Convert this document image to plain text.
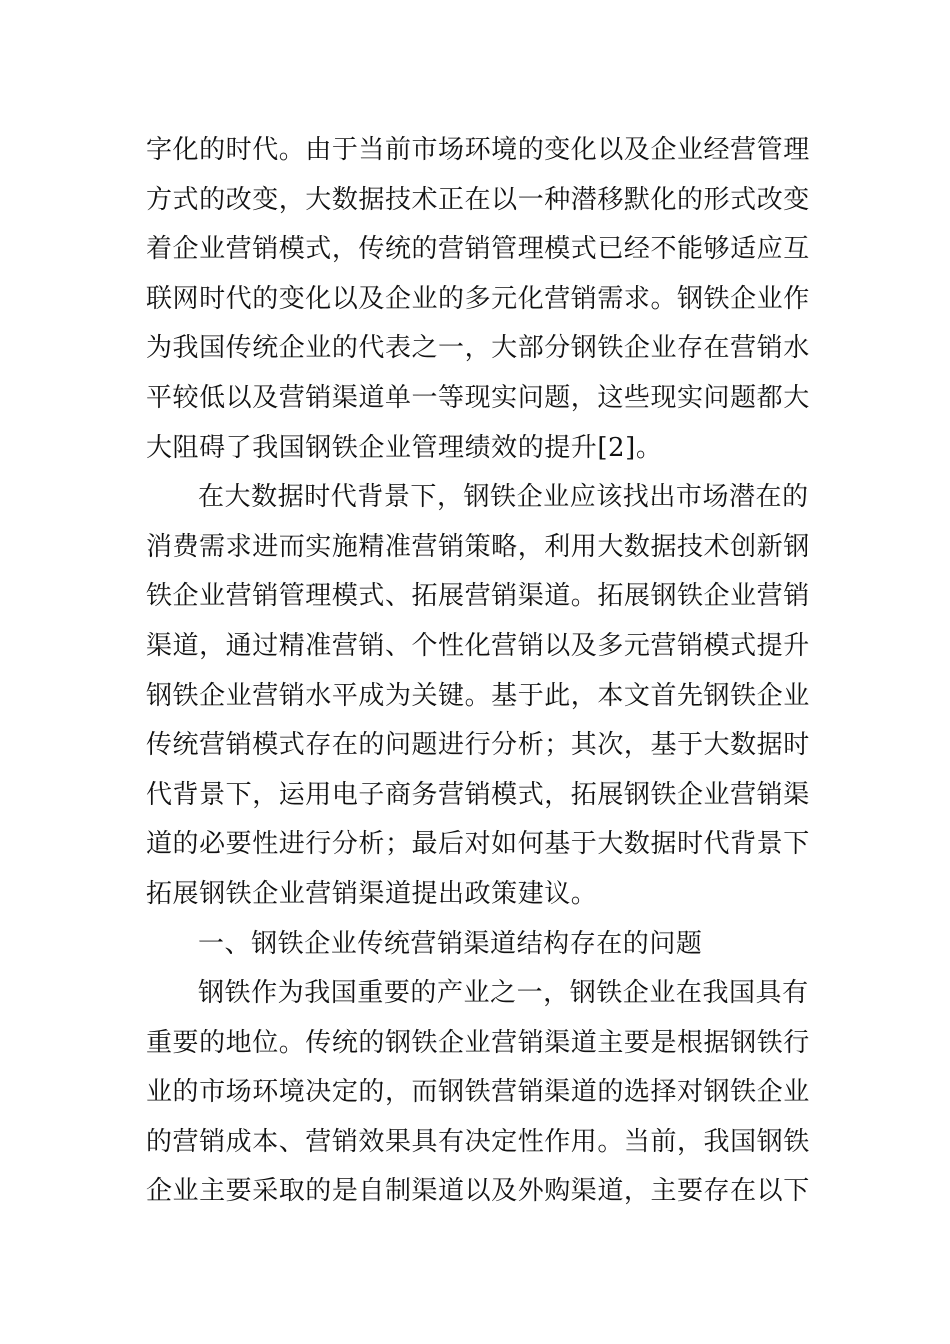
字化的时代。由于当前市场环境的变化以及企业经营管理
方式的改变，大数据技术正在以一种潜移默化的形式改变
着企业营销模式，传统的营销管理模式已经不能够适应互
联网时代的变化以及企业的多元化营销需求。钢铁企业作
为我国传统企业的代表之一，大部分钢铁企业存在营销水
平较低以及营销渠道单一等现实问题，这些现实问题都大
大阻碍了我国钢铁企业管理绩效的提升[2]。
在大数据时代背景下，钢铁企业应该找出市场潜在的
消费需求进而实施精准营销策略，利用大数据技术创新钢
铁企业营销管理模式、拓展营销渠道。拓展钢铁企业营销
渠道，通过精准营销、个性化营销以及多元营销模式提升
钢铁企业营销水平成为关键。基于此，本文首先钢铁企业
传统营销模式存在的问题进行分析；其次，基于大数据时
代背景下，运用电子商务营销模式，拓展钢铁企业营销渠
道的必要性进行分析；最后对如何基于大数据时代背景下
拓展钢铁企业营销渠道提出政策建议。
一、钢铁企业传统营销渠道结构存在的问题
钢铁作为我国重要的产业之一，钢铁企业在我国具有
重要的地位。传统的钢铁企业营销渠道主要是根据钢铁行
业的市场环境决定的，而钢铁营销渠道的选择对钢铁企业
的营销成本、营销效果具有决定性作用。当前，我国钢铁
企业主要采取的是自制渠道以及外购渠道，主要存在以下
